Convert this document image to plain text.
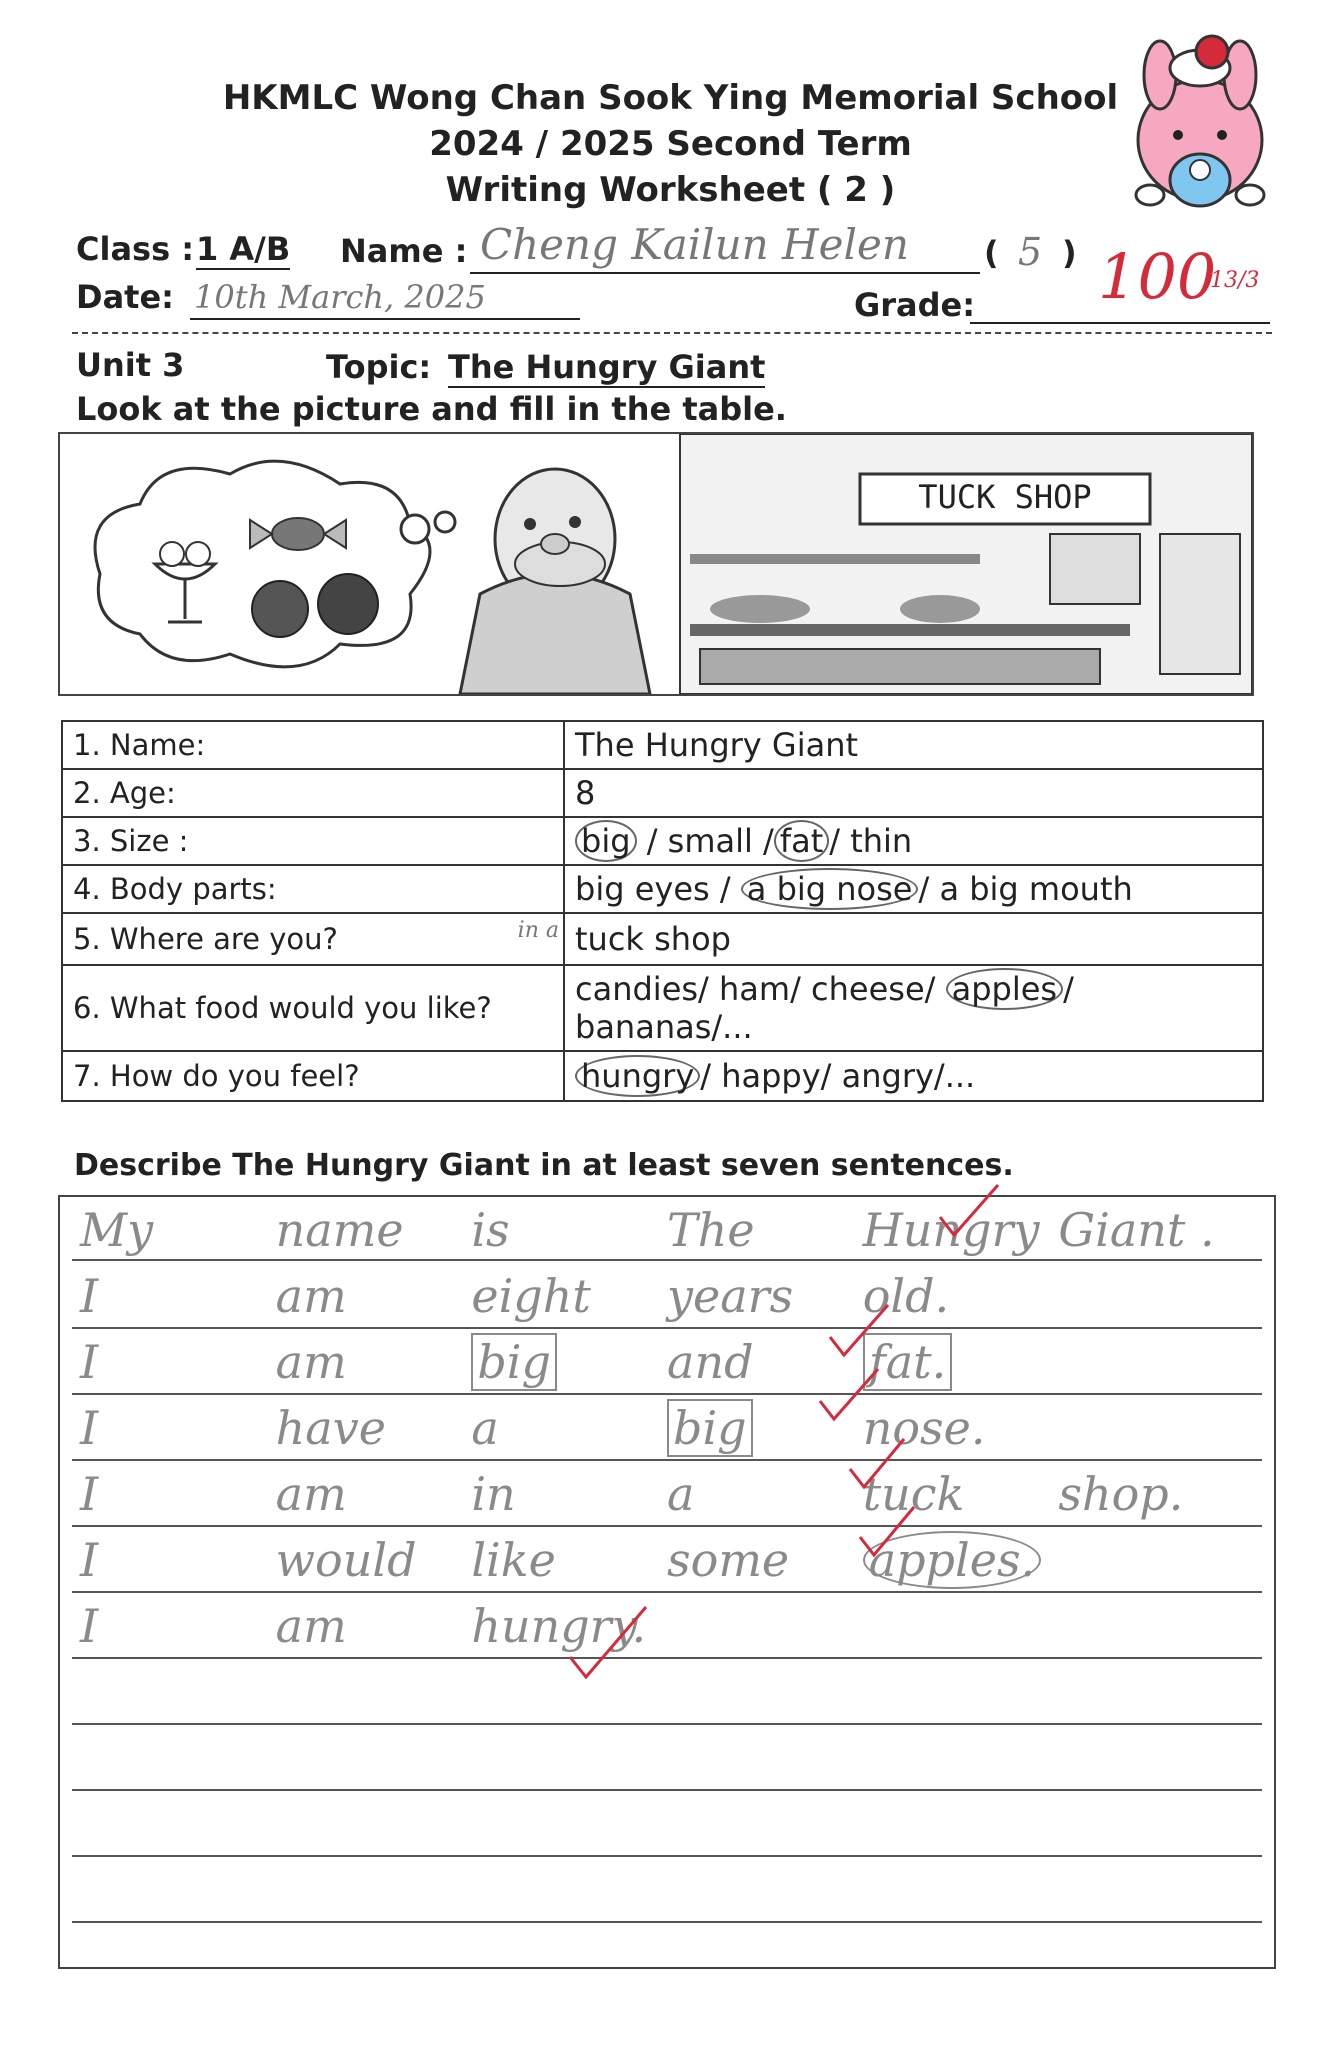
HKMLC Wong Chan Sook Ying Memorial School
2024 / 2025 Second Term
Writing Worksheet ( 2 )
Class : 1 A/B Name : Cheng Kailun Helen ( 5 )
Date: 10th March, 2025	Grade: 100
13/3
Unit 3	Topic: The Hungry Giant
Look at the picture and fill in the table.
TUCK SHOP
1. Name:	The Hungry Giant
2. Age:	8
3. Size :	big / small / fat / thin
4. Body parts:	big eyes / a big nose / a big mouth
5. Where are you? in a	tuck shop
6. What food would you like?	candies/ ham/ cheese/ apples /
bananas/...
7. How do you feel?	hungry / happy/ angry/...
Describe The Hungry Giant in at least seven sentences.
My	name	is	The	Hungry Giant .
I	am	eight	years	old.
I	am	big	and	fat.
I	have	a	big	nose.
I	am	in	a	tuck	shop.
I	would	like	some	apples.
I	am	hungry.
